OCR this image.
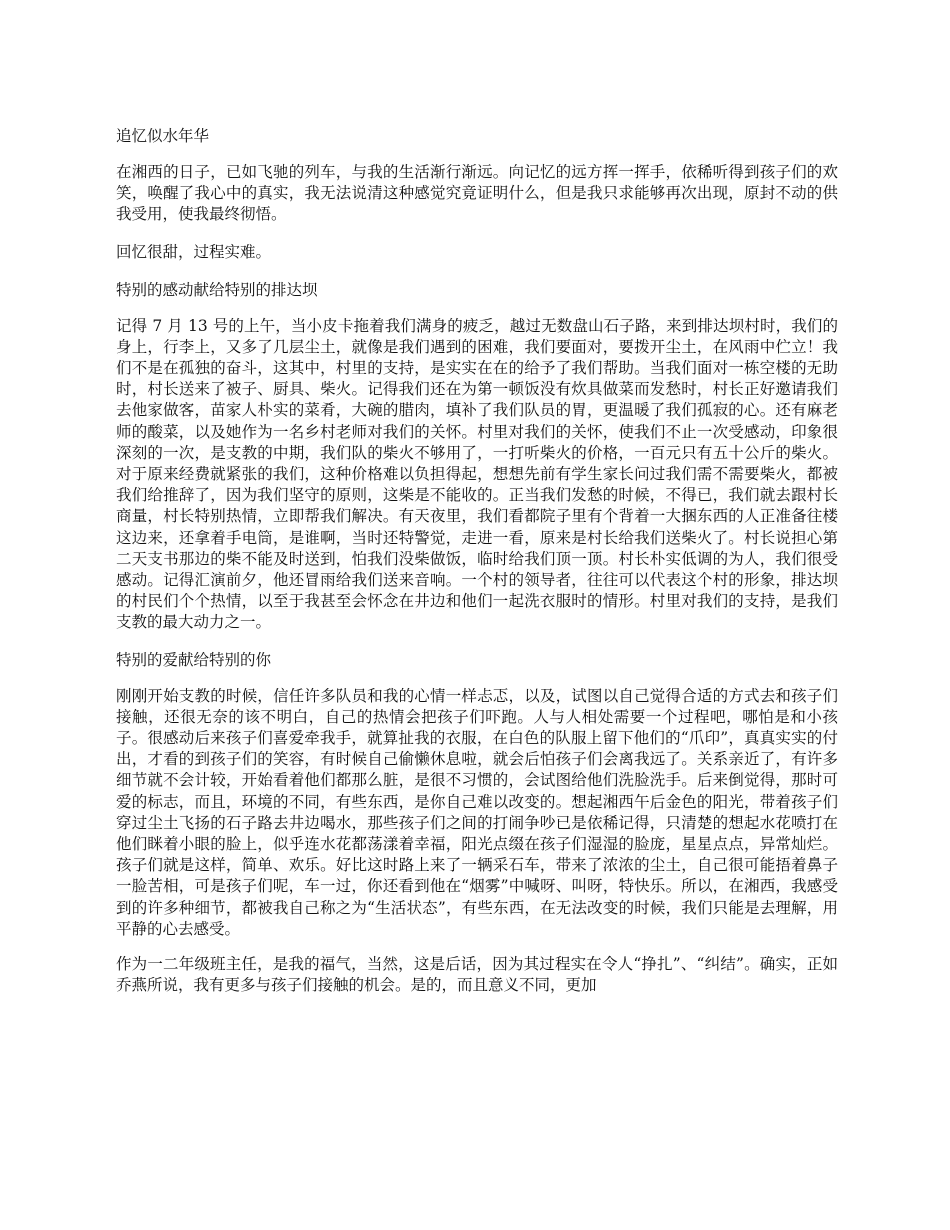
追忆似水年华

在湘西的日子，已如飞驰的列车，与我的生活渐行渐远。向记忆的远方挥一挥手，依稀听得到孩子们的欢笑，唤醒了我心中的真实，我无法说清这种感觉究竟证明什么，但是我只求能够再次出现，原封不动的供我受用，使我最终彻悟。

回忆很甜，过程实难。
特别的感动献给特别的排达坝

记得 7 月 13 号的上午，当小皮卡拖着我们满身的疲乏，越过无数盘山石子路，来到排达坝村时，我们的身上，行李上，又多了几层尘土，就像是我们遇到的困难，我们要面对，要拨开尘土，在风雨中伫立！我们不是在孤独的奋斗，这其中，村里的支持，是实实在在的给予了我们帮助。当我们面对一栋空楼的无助时，村长送来了被子、厨具、柴火。记得我们还在为第一顿饭没有炊具做菜而发愁时，村长正好邀请我们去他家做客，苗家人朴实的菜肴，大碗的腊肉，填补了我们队员的胃，更温暖了我们孤寂的心。还有麻老师的酸菜，以及她作为一名乡村老师对我们的关怀。村里对我们的关怀，使我们不止一次受感动，印象很深刻的一次，是支教的中期，我们队的柴火不够用了，一打听柴火的价格，一百元只有五十公斤的柴火。对于原来经费就紧张的我们，这种价格难以负担得起，想想先前有学生家长问过我们需不需要柴火，都被我们给推辞了，因为我们坚守的原则，这柴是不能收的。正当我们发愁的时候，不得已，我们就去跟村长商量，村长特别热情，立即帮我们解决。有天夜里，我们看都院子里有个背着一大捆东西的人正准备往楼这边来，还拿着手电筒，是谁啊，当时还特警觉，走进一看，原来是村长给我们送柴火了。村长说担心第二天支书那边的柴不能及时送到，怕我们没柴做饭，临时给我们顶一顶。村长朴实低调的为人，我们很受感动。记得汇演前夕，他还冒雨给我们送来音响。一个村的领导者，往往可以代表这个村的形象，排达坝的村民们个个热情，以至于我甚至会怀念在井边和他们一起洗衣服时的情形。村里对我们的支持，是我们支教的最大动力之一。

特别的爱献给特别的你

刚刚开始支教的时候，信任许多队员和我的心情一样忐忑，以及，试图以自己觉得合适的方式去和孩子们接触，还很无奈的该不明白，自己的热情会把孩子们吓跑。人与人相处需要一个过程吧，哪怕是和小孩子。很感动后来孩子们喜爱牵我手，就算扯我的衣服，在白色的队服上留下他们的“爪印”，真真实实的付出，才看的到孩子们的笑容，有时候自己偷懒休息啦，就会后怕孩子们会离我远了。关系亲近了，有许多细节就不会计较，开始看着他们都那么脏，是很不习惯的，会试图给他们洗脸洗手。后来倒觉得，那时可爱的标志，而且，环境的不同，有些东西，是你自己难以改变的。想起湘西午后金色的阳光，带着孩子们穿过尘土飞扬的石子路去井边喝水，那些孩子们之间的打闹争吵已是依稀记得，只清楚的想起水花喷打在他们眯着小眼的脸上，似乎连水花都荡漾着幸福，阳光点缀在孩子们湿湿的脸庞，星星点点，异常灿烂。孩子们就是这样，简单、欢乐。好比这时路上来了一辆采石车，带来了浓浓的尘土，自己很可能捂着鼻子一脸苦相，可是孩子们呢，车一过，你还看到他在“烟雾”中喊呀、叫呀，特快乐。所以，在湘西，我感受到的许多种细节，都被我自己称之为“生活状态”，有些东西，在无法改变的时候，我们只能是去理解，用平静的心去感受。

作为一二年级班主任，是我的福气，当然，这是后话，因为其过程实在令人“挣扎”、“纠结”。确实，正如乔燕所说，我有更多与孩子们接触的机会。是的，而且意义不同，更加
